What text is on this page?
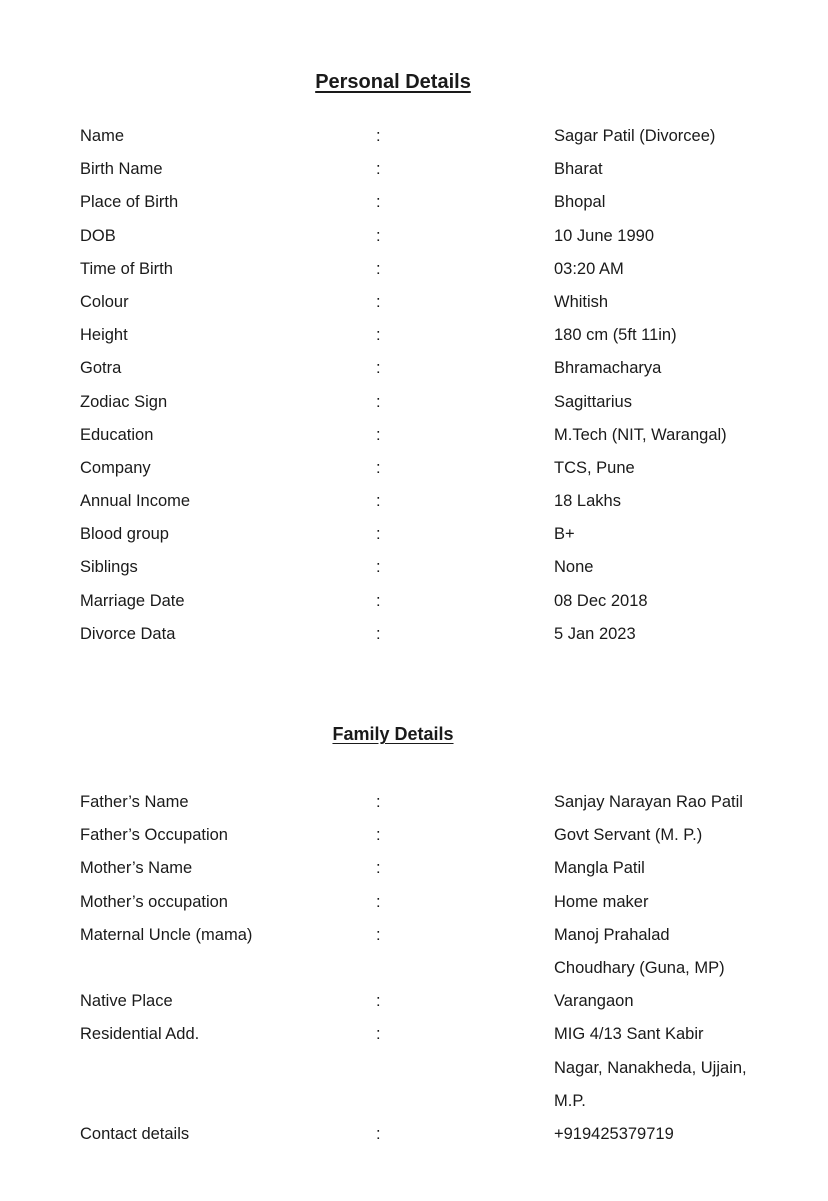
Personal Details
Name	:	Sagar Patil (Divorcee)
Birth Name	:	Bharat
Place of Birth	:	Bhopal
DOB	:	10 June 1990
Time of Birth	:	03:20 AM
Colour	:	Whitish
Height	:	180 cm (5ft 11in)
Gotra	:	Bhramacharya
Zodiac Sign	:	Sagittarius
Education	:	M.Tech (NIT, Warangal)
Company	:	TCS, Pune
Annual Income	:	18 Lakhs
Blood group	:	B+
Siblings	:	None
Marriage Date	:	08 Dec 2018
Divorce Data	:	5 Jan 2023
Family Details
Father’s Name	:	Sanjay Narayan Rao Patil
Father’s Occupation	:	Govt Servant (M. P.)
Mother’s Name	:	Mangla Patil
Mother’s occupation	:	Home maker
Maternal Uncle (mama)	:	Manoj Prahalad
Choudhary (Guna, MP)
Native Place	:	Varangaon
Residential Add.	:	MIG 4/13 Sant Kabir
Nagar, Nanakheda, Ujjain,
M.P.
Contact details	:	+919425379719
